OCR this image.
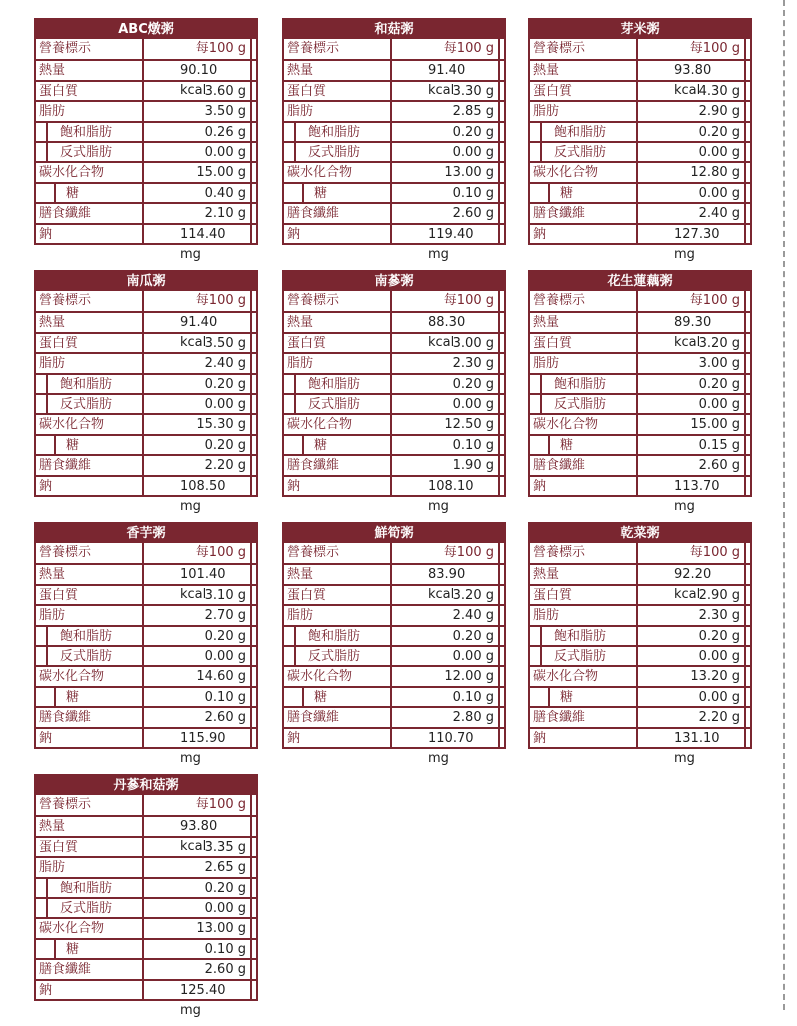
ABC燉粥
營養標示	每100 g
熱量	90.10 kcal
蛋白質	3.60 g
脂肪	3.50 g
飽和脂肪	0.26 g
反式脂肪	0.00 g
碳水化合物	15.00 g
糖	0.40 g
膳食纖維	2.10 g
鈉	114.40 mg
和菇粥
營養標示	每100 g
熱量	91.40 kcal
蛋白質	3.30 g
脂肪	2.85 g
飽和脂肪	0.20 g
反式脂肪	0.00 g
碳水化合物	13.00 g
糖	0.10 g
膳食纖維	2.60 g
鈉	119.40 mg
芽米粥
營養標示	每100 g
熱量	93.80 kcal
蛋白質	4.30 g
脂肪	2.90 g
飽和脂肪	0.20 g
反式脂肪	0.00 g
碳水化合物	12.80 g
糖	0.00 g
膳食纖維	2.40 g
鈉	127.30 mg
南瓜粥
營養標示	每100 g
熱量	91.40 kcal
蛋白質	3.50 g
脂肪	2.40 g
飽和脂肪	0.20 g
反式脂肪	0.00 g
碳水化合物	15.30 g
糖	0.20 g
膳食纖維	2.20 g
鈉	108.50 mg
南蔘粥
營養標示	每100 g
熱量	88.30 kcal
蛋白質	3.00 g
脂肪	2.30 g
飽和脂肪	0.20 g
反式脂肪	0.00 g
碳水化合物	12.50 g
糖	0.10 g
膳食纖維	1.90 g
鈉	108.10 mg
花生蓮藕粥
營養標示	每100 g
熱量	89.30 kcal
蛋白質	3.20 g
脂肪	3.00 g
飽和脂肪	0.20 g
反式脂肪	0.00 g
碳水化合物	15.00 g
糖	0.15 g
膳食纖維	2.60 g
鈉	113.70 mg
香芋粥
營養標示	每100 g
熱量	101.40 kcal
蛋白質	3.10 g
脂肪	2.70 g
飽和脂肪	0.20 g
反式脂肪	0.00 g
碳水化合物	14.60 g
糖	0.10 g
膳食纖維	2.60 g
鈉	115.90 mg
鮮筍粥
營養標示	每100 g
熱量	83.90 kcal
蛋白質	3.20 g
脂肪	2.40 g
飽和脂肪	0.20 g
反式脂肪	0.00 g
碳水化合物	12.00 g
糖	0.10 g
膳食纖維	2.80 g
鈉	110.70 mg
乾菜粥
營養標示	每100 g
熱量	92.20 kcal
蛋白質	2.90 g
脂肪	2.30 g
飽和脂肪	0.20 g
反式脂肪	0.00 g
碳水化合物	13.20 g
糖	0.00 g
膳食纖維	2.20 g
鈉	131.10 mg
丹蔘和菇粥
營養標示	每100 g
熱量	93.80 kcal
蛋白質	3.35 g
脂肪	2.65 g
飽和脂肪	0.20 g
反式脂肪	0.00 g
碳水化合物	13.00 g
糖	0.10 g
膳食纖維	2.60 g
鈉	125.40 mg
